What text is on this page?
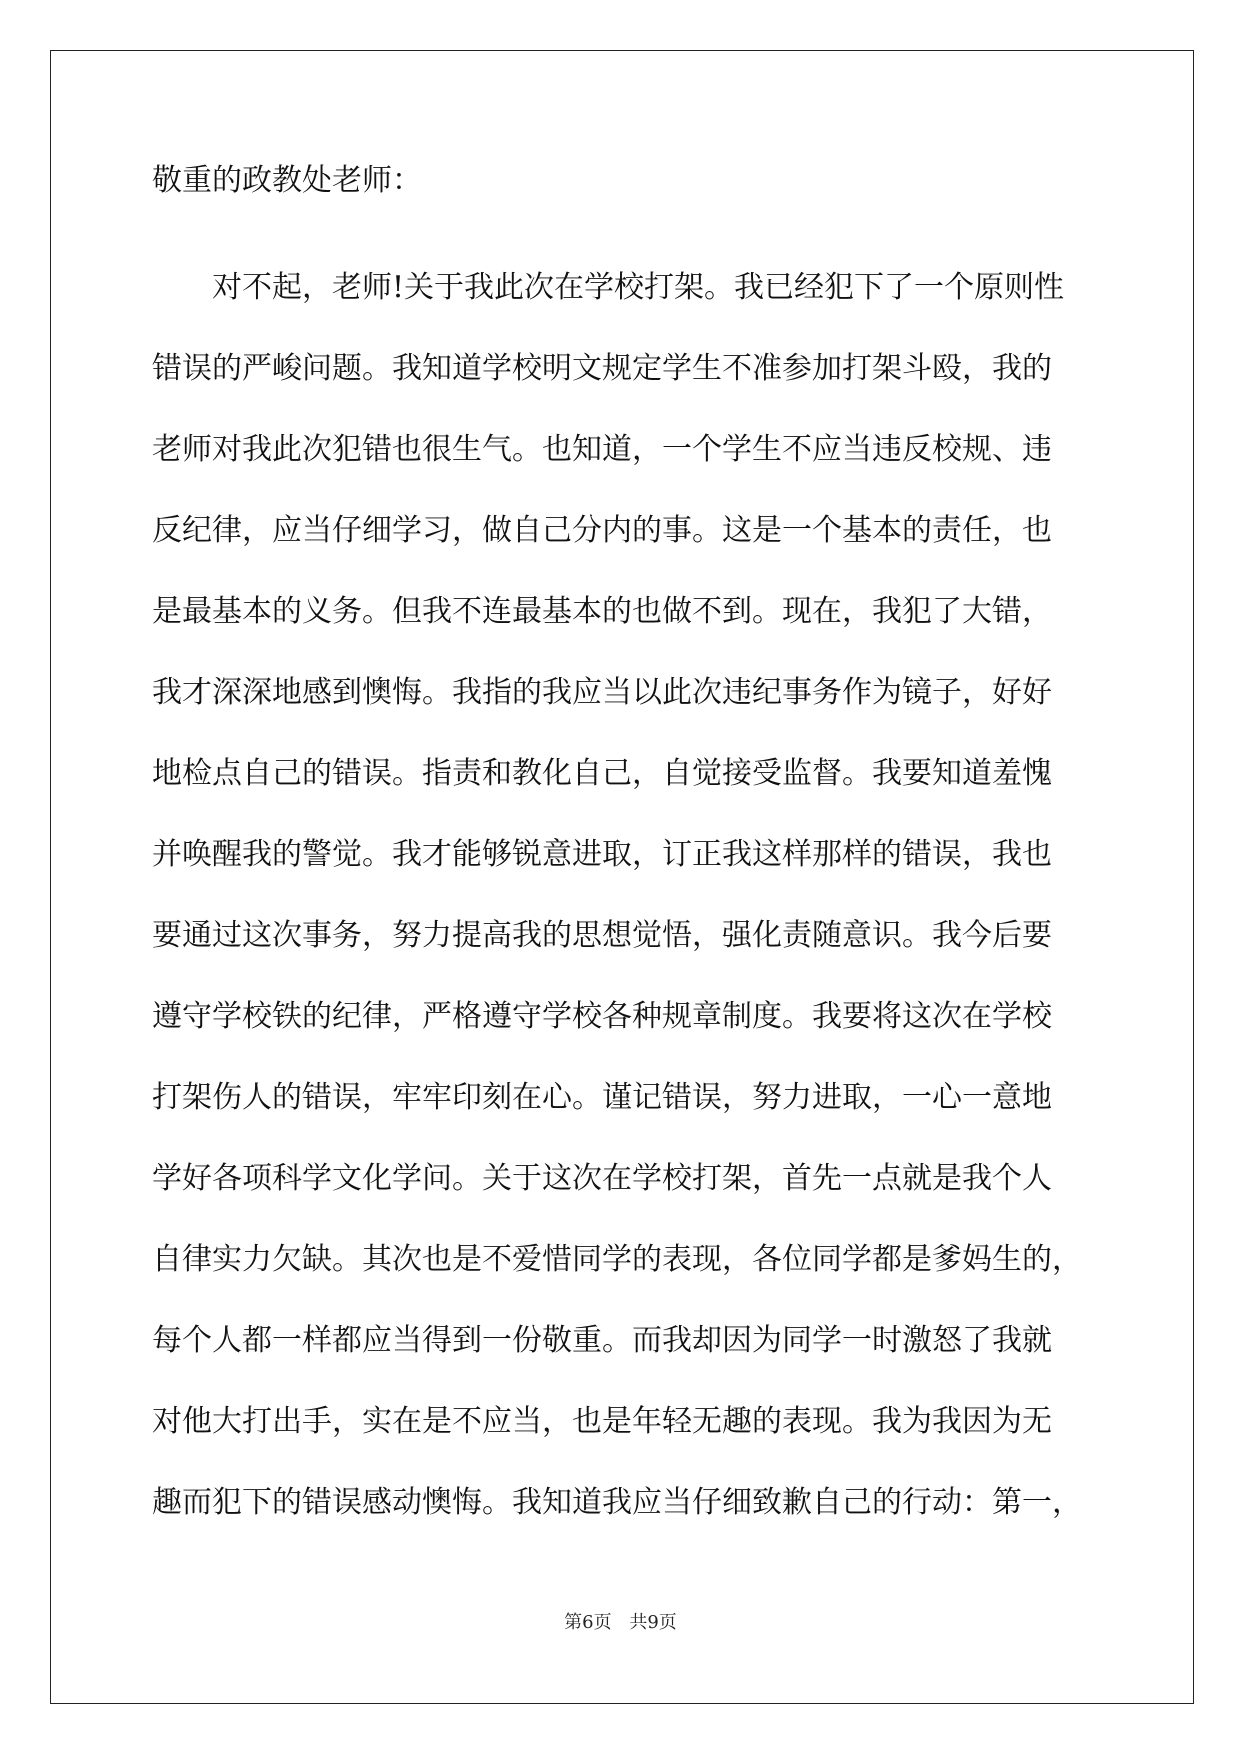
敬重的政教处老师：

　　对不起，老师!关于我此次在学校打架。我已经犯下了一个原则性

错误的严峻问题。我知道学校明文规定学生不准参加打架斗殴，我的

老师对我此次犯错也很生气。也知道，一个学生不应当违反校规、违

反纪律，应当仔细学习，做自己分内的事。这是一个基本的责任，也

是最基本的义务。但我不连最基本的也做不到。现在，我犯了大错，

我才深深地感到懊悔。我指的我应当以此次违纪事务作为镜子，好好

地检点自己的错误。指责和教化自己，自觉接受监督。我要知道羞愧

并唤醒我的警觉。我才能够锐意进取，订正我这样那样的错误，我也

要通过这次事务，努力提高我的思想觉悟，强化责随意识。我今后要

遵守学校铁的纪律，严格遵守学校各种规章制度。我要将这次在学校

打架伤人的错误，牢牢印刻在心。谨记错误，努力进取，一心一意地

学好各项科学文化学问。关于这次在学校打架，首先一点就是我个人

自律实力欠缺。其次也是不爱惜同学的表现，各位同学都是爹妈生的，

每个人都一样都应当得到一份敬重。而我却因为同学一时激怒了我就

对他大打出手，实在是不应当，也是年轻无趣的表现。我为我因为无

趣而犯下的错误感动懊悔。我知道我应当仔细致歉自己的行动：第一，

第6页 共9页
